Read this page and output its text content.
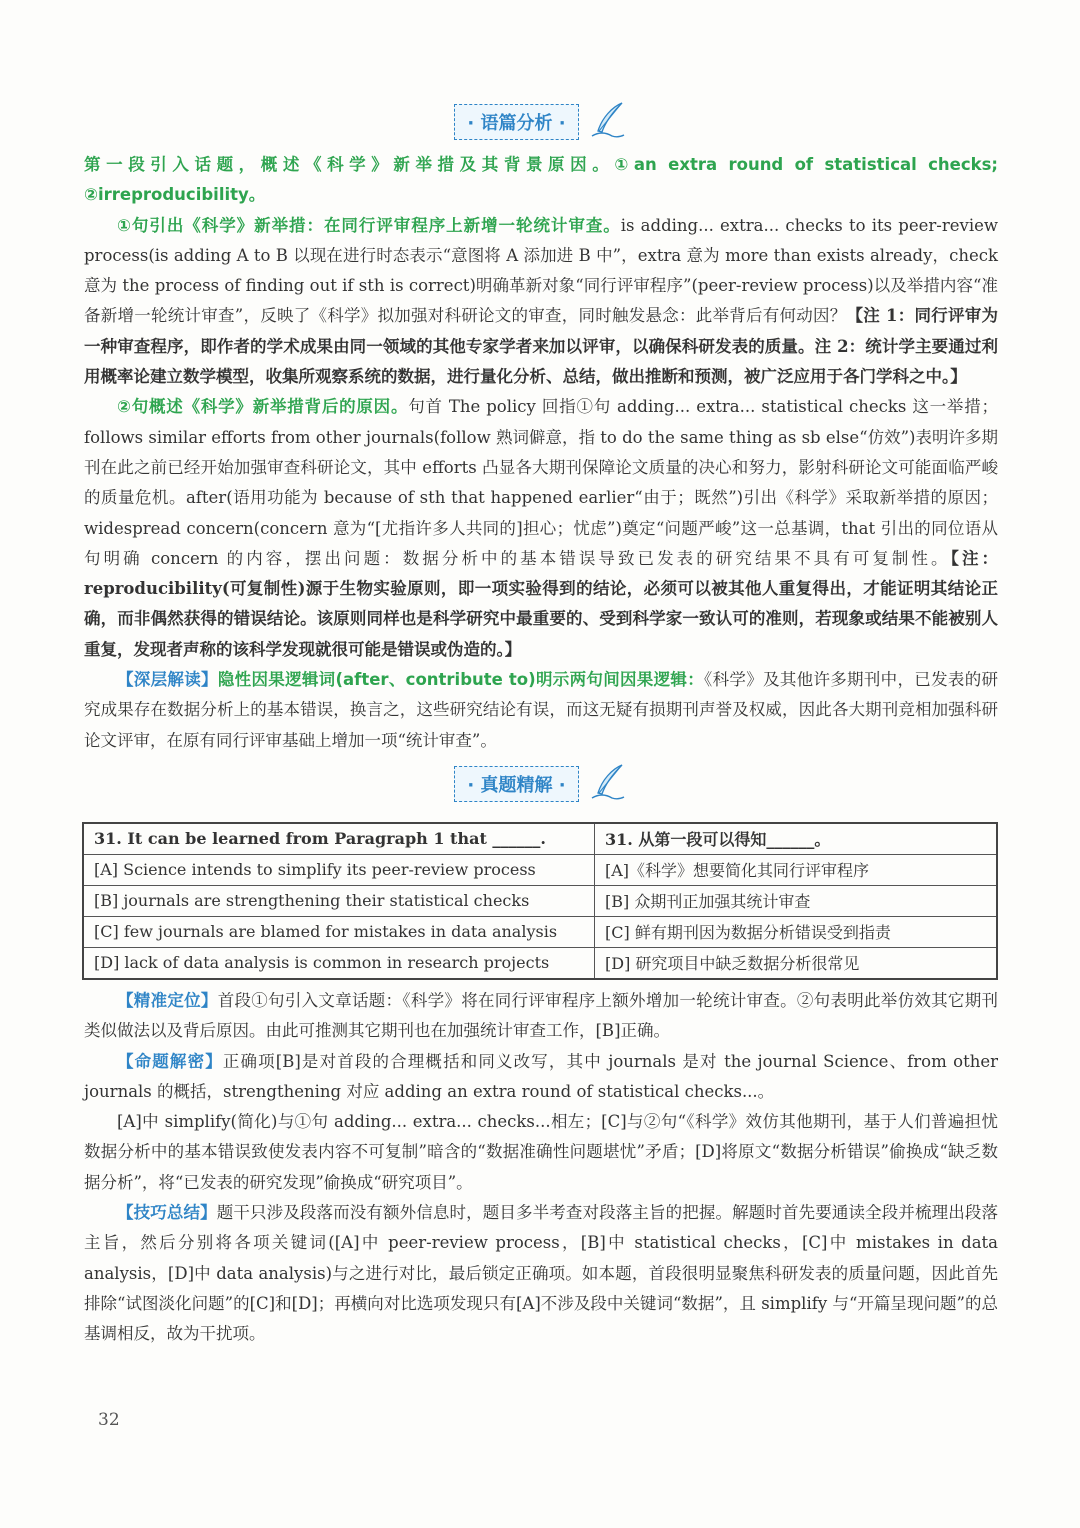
· 语篇分析 ·

第一段引入话题，概述《科学》新举措及其背景原因。①an extra round of statistical checks; ②irreproducibility。

①句引出《科学》新举措：在同行评审程序上新增一轮统计审查。is adding... extra... checks to its peer-review process(is adding A to B 以现在进行时态表示“意图将 A 添加进 B 中”，extra 意为 more than exists already，check 意为 the process of finding out if sth is correct)明确革新对象“同行评审程序”(peer-review process)以及举措内容“准备新增一轮统计审查”，反映了《科学》拟加强对科研论文的审查，同时触发悬念：此举背后有何动因？【注 1：同行评审为一种审查程序，即作者的学术成果由同一领域的其他专家学者来加以评审，以确保科研发表的质量。注 2：统计学主要通过利用概率论建立数学模型，收集所观察系统的数据，进行量化分析、总结，做出推断和预测，被广泛应用于各门学科之中。】

②句概述《科学》新举措背后的原因。句首 The policy 回指①句 adding... extra... statistical checks 这一举措；follows similar efforts from other journals(follow 熟词僻意，指 to do the same thing as sb else“仿效”)表明许多期刊在此之前已经开始加强审查科研论文，其中 efforts 凸显各大期刊保障论文质量的决心和努力，影射科研论文可能面临严峻的质量危机。after(语用功能为 because of sth that happened earlier“由于；既然”)引出《科学》采取新举措的原因；widespread concern(concern 意为“[尤指许多人共同的]担心；忧虑”)奠定“问题严峻”这一总基调，that 引出的同位语从句明确 concern 的内容，摆出问题：数据分析中的基本错误导致已发表的研究结果不具有可复制性。【注：reproducibility(可复制性)源于生物实验原则，即一项实验得到的结论，必须可以被其他人重复得出，才能证明其结论正确，而非偶然获得的错误结论。该原则同样也是科学研究中最重要的、受到科学家一致认可的准则，若现象或结果不能被别人重复，发现者声称的该科学发现就很可能是错误或伪造的。】

【深层解读】隐性因果逻辑词(after、contribute to)明示两句间因果逻辑：《科学》及其他许多期刊中，已发表的研究成果存在数据分析上的基本错误，换言之，这些研究结论有误，而这无疑有损期刊声誉及权威，因此各大期刊竞相加强科研论文评审，在原有同行评审基础上增加一项“统计审查”。

· 真题精解 ·
31. It can be learned from Paragraph 1 that ______.	31. 从第一段可以得知______。
[A] Science intends to simplify its peer-review process	[A]《科学》想要简化其同行评审程序
[B] journals are strengthening their statistical checks	[B] 众期刊正加强其统计审查
[C] few journals are blamed for mistakes in data analysis	[C] 鲜有期刊因为数据分析错误受到指责
[D] lack of data analysis is common in research projects	[D] 研究项目中缺乏数据分析很常见

【精准定位】首段①句引入文章话题：《科学》将在同行评审程序上额外增加一轮统计审查。②句表明此举仿效其它期刊类似做法以及背后原因。由此可推测其它期刊也在加强统计审查工作，[B]正确。

【命题解密】正确项[B]是对首段的合理概括和同义改写，其中 journals 是对 the journal Science、from other journals 的概括，strengthening 对应 adding an extra round of statistical checks...。

[A]中 simplify(简化)与①句 adding... extra... checks...相左；[C]与②句“《科学》效仿其他期刊，基于人们普遍担忧数据分析中的基本错误致使发表内容不可复制”暗含的“数据准确性问题堪忧”矛盾；[D]将原文“数据分析错误”偷换成“缺乏数据分析”，将“已发表的研究发现”偷换成“研究项目”。

【技巧总结】题干只涉及段落而没有额外信息时，题目多半考查对段落主旨的把握。解题时首先要通读全段并梳理出段落主旨，然后分别将各项关键词([A]中 peer-review process，[B]中 statistical checks，[C]中 mistakes in data analysis，[D]中 data analysis)与之进行对比，最后锁定正确项。如本题，首段很明显聚焦科研发表的质量问题，因此首先排除“试图淡化问题”的[C]和[D]；再横向对比选项发现只有[A]不涉及段中关键词“数据”，且 simplify 与“开篇呈现问题”的总基调相反，故为干扰项。

32
